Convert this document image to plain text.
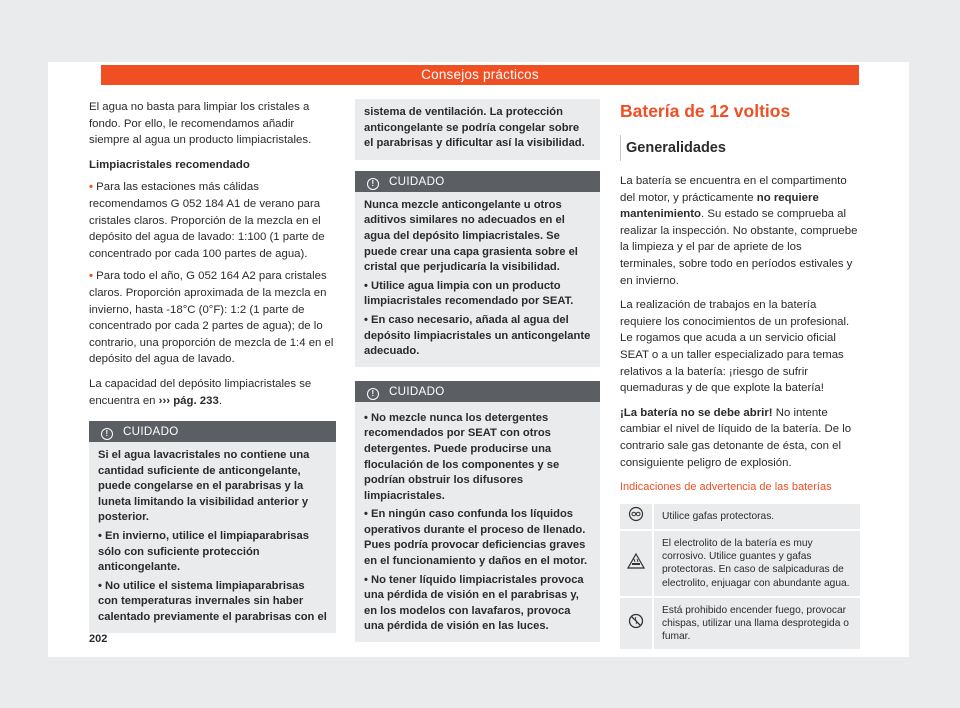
Consejos prácticos

El agua no basta para limpiar los cristales a fondo. Por ello, le recomendamos añadir siempre al agua un producto limpiacristales.

Limpiacristales recomendado

• Para las estaciones más cálidas recomendamos G 052 184 A1 de verano para cristales claros. Proporción de la mezcla en el depósito del agua de lavado: 1:100 (1 parte de concentrado por cada 100 partes de agua).

• Para todo el año, G 052 164 A2 para cristales claros. Proporción aproximada de la mezcla en invierno, hasta -18°C (0°F): 1:2 (1 parte de concentrado por cada 2 partes de agua); de lo contrario, una proporción de mezcla de 1:4 en el depósito del agua de lavado.

La capacidad del depósito limpiacristales se encuentra en ››› pág. 233.

! CUIDADO
Si el agua lavacristales no contiene una cantidad suficiente de anticongelante, puede congelarse en el parabrisas y la luneta limitando la visibilidad anterior y posterior.
• En invierno, utilice el limpiaparabrisas sólo con suficiente protección anticongelante.
• No utilice el sistema limpiaparabrisas con temperaturas invernales sin haber calentado previamente el parabrisas con el
sistema de ventilación. La protección anticongelante se podría congelar sobre el parabrisas y dificultar así la visibilidad.
! CUIDADO
Nunca mezcle anticongelante u otros aditivos similares no adecuados en el agua del depósito limpiacristales. Se puede crear una capa grasienta sobre el cristal que perjudicaría la visibilidad.
• Utilice agua limpia con un producto limpiacristales recomendado por SEAT.
• En caso necesario, añada al agua del depósito limpiacristales un anticongelante adecuado.
! CUIDADO
• No mezcle nunca los detergentes recomendados por SEAT con otros detergentes. Puede producirse una floculación de los componentes y se podrían obstruir los difusores limpiacristales.
• En ningún caso confunda los líquidos operativos durante el proceso de llenado. Pues podría provocar deficiencias graves en el funcionamiento y daños en el motor.
• No tener líquido limpiacristales provoca una pérdida de visión en el parabrisas y, en los modelos con lavafaros, provoca una pérdida de visión en las luces.
Batería de 12 voltios
Generalidades

La batería se encuentra en el compartimento del motor, y prácticamente no requiere mantenimiento. Su estado se comprueba al realizar la inspección. No obstante, compruebe la limpieza y el par de apriete de los terminales, sobre todo en períodos estivales y en invierno.

La realización de trabajos en la batería requiere los conocimientos de un profesional. Le rogamos que acuda a un servicio oficial SEAT o a un taller especializado para temas relativos a la batería: ¡riesgo de sufrir quemaduras y de que explote la batería!

¡La batería no se debe abrir! No intente cambiar el nivel de líquido de la batería. De lo contrario sale gas detonante de ésta, con el consiguiente peligro de explosión.

Indicaciones de advertencia de las baterías
	Utilice gafas protectoras.
	El electrolito de la batería es muy corrosivo. Utilice guantes y gafas protectoras. En caso de salpicaduras de electrolito, enjuagar con abundante agua.
	Está prohibido encender fuego, provocar chispas, utilizar una llama desprotegida o fumar.
202
